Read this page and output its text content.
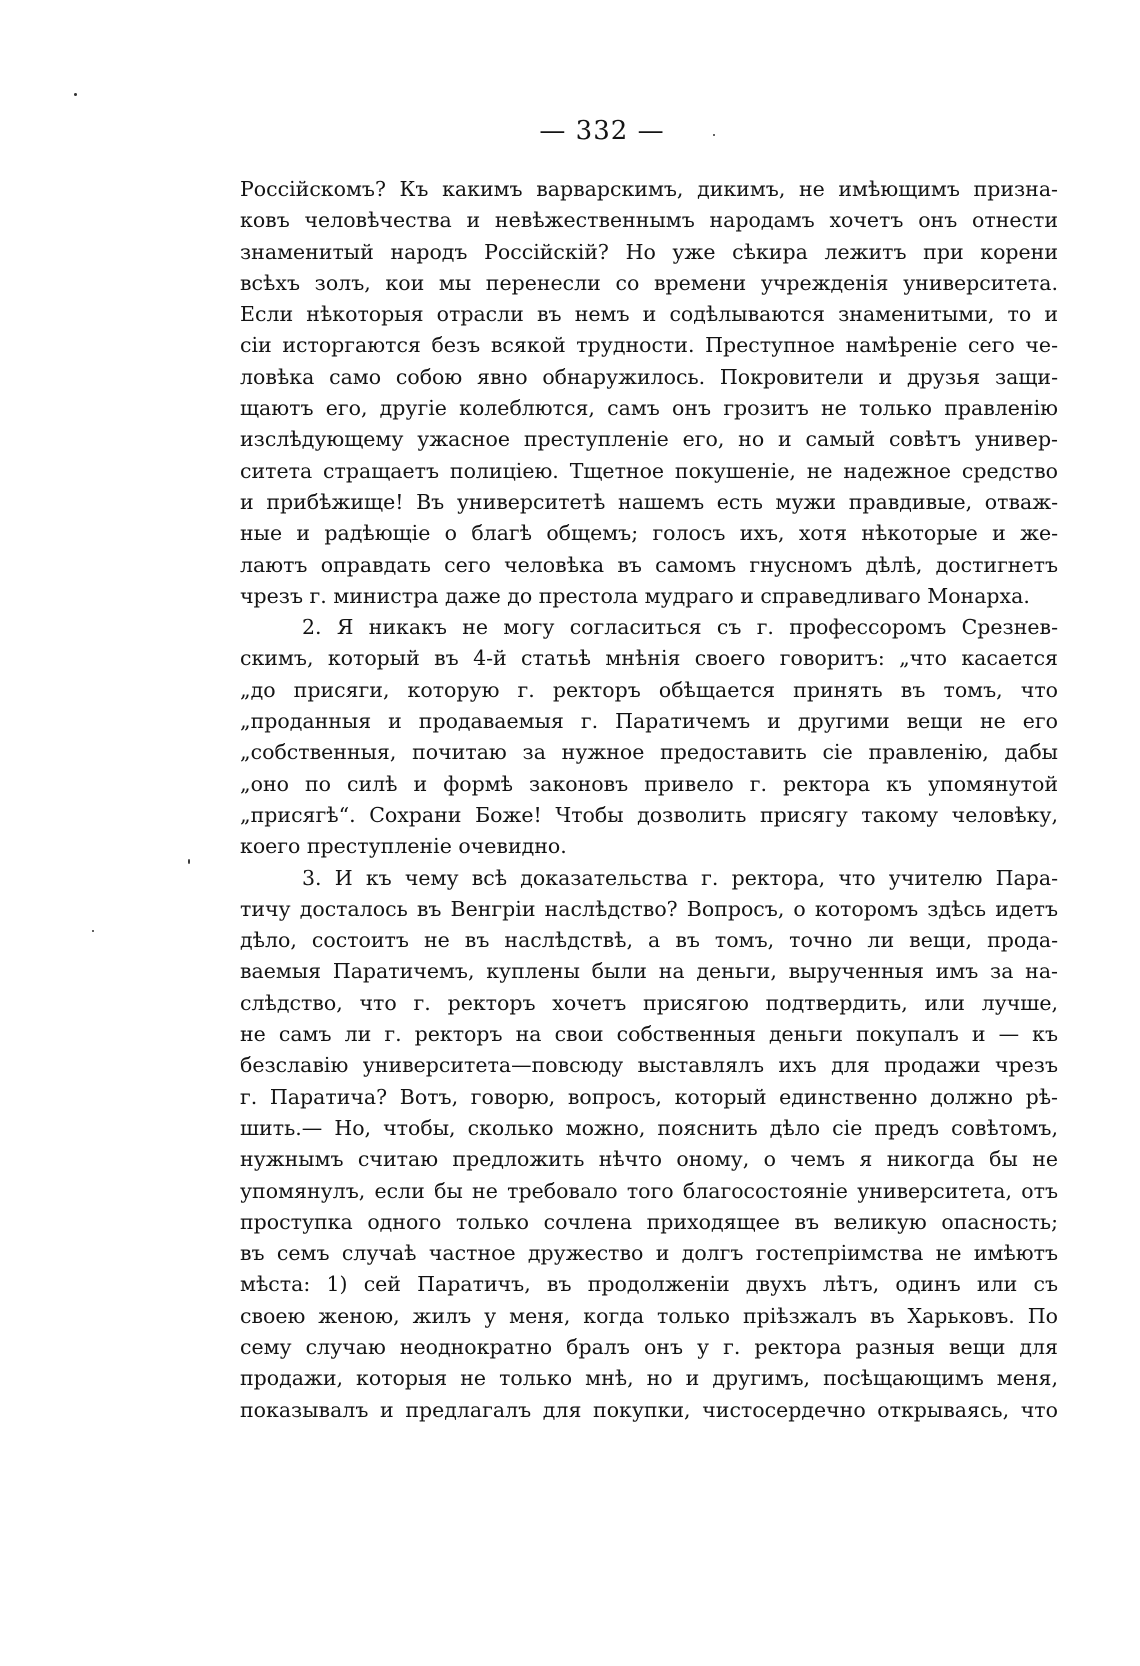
— 332 —
Россійскомъ? Къ какимъ варварскимъ, дикимъ, не имѣющимъ призна-
ковъ человѣчества и невѣжественнымъ народамъ хочетъ онъ отнести
знаменитый народъ Россійскій? Но уже сѣкира лежитъ при корени
всѣхъ золъ, кои мы перенесли со времени учрежденія университета.
Если нѣкоторыя отрасли въ немъ и содѣлываются знаменитыми, то и
сіи исторгаются безъ всякой трудности. Преступное намѣреніе сего че-
ловѣка само собою явно обнаружилось. Покровители и друзья защи-
щаютъ его, другіе колеблются, самъ онъ грозитъ не только правленію
изслѣдующему ужасное преступленіе его, но и самый совѣтъ универ-
ситета стращаетъ полиціею. Тщетное покушеніе, не надежное средство
и прибѣжище! Въ университетѣ нашемъ есть мужи правдивые, отваж-
ные и радѣющіе о благѣ общемъ; голосъ ихъ, хотя нѣкоторые и же-
лаютъ оправдать сего человѣка въ самомъ гнусномъ дѣлѣ, достигнетъ
чрезъ г. министра даже до престола мудраго и справедливаго Монарха.
2. Я никакъ не могу согласиться съ г. профессоромъ Срезнев-
скимъ, который въ 4-й статьѣ мнѣнія своего говоритъ: „что касается
„до присяги, которую г. ректоръ обѣщается принять въ томъ, что
„проданныя и продаваемыя г. Паратичемъ и другими вещи не его
„собственныя, почитаю за нужное предоставить сіе правленію, дабы
„оно по силѣ и формѣ законовъ привело г. ректора къ упомянутой
„присягѣ“. Сохрани Боже! Чтобы дозволить присягу такому человѣку,
коего преступленіе очевидно.
3. И къ чему всѣ доказательства г. ректора, что учителю Пара-
тичу досталось въ Венгріи наслѣдство? Вопросъ, о которомъ здѣсь идетъ
дѣло, состоитъ не въ наслѣдствѣ, а въ томъ, точно ли вещи, прода-
ваемыя Паратичемъ, куплены были на деньги, вырученныя имъ за на-
слѣдство, что г. ректоръ хочетъ присягою подтвердить, или лучше,
не самъ ли г. ректоръ на свои собственныя деньги покупалъ и — къ
безславію университета—повсюду выставлялъ ихъ для продажи чрезъ
г. Паратича? Вотъ, говорю, вопросъ, который единственно должно рѣ-
шить.— Но, чтобы, сколько можно, пояснить дѣло сіе предъ совѣтомъ,
нужнымъ считаю предложить нѣчто оному, о чемъ я никогда бы не
упомянулъ, если бы не требовало того благосостояніе университета, отъ
проступка одного только сочлена приходящее въ великую опасность;
въ семъ случаѣ частное дружество и долгъ гостепріимства не имѣютъ
мѣста: 1) сей Паратичъ, въ продолженіи двухъ лѣтъ, одинъ или съ
своею женою, жилъ у меня, когда только пріѣзжалъ въ Харьковъ. По
сему случаю неоднократно бралъ онъ у г. ректора разныя вещи для
продажи, которыя не только мнѣ, но и другимъ, посѣщающимъ меня,
показывалъ и предлагалъ для покупки, чистосердечно открываясь, что
